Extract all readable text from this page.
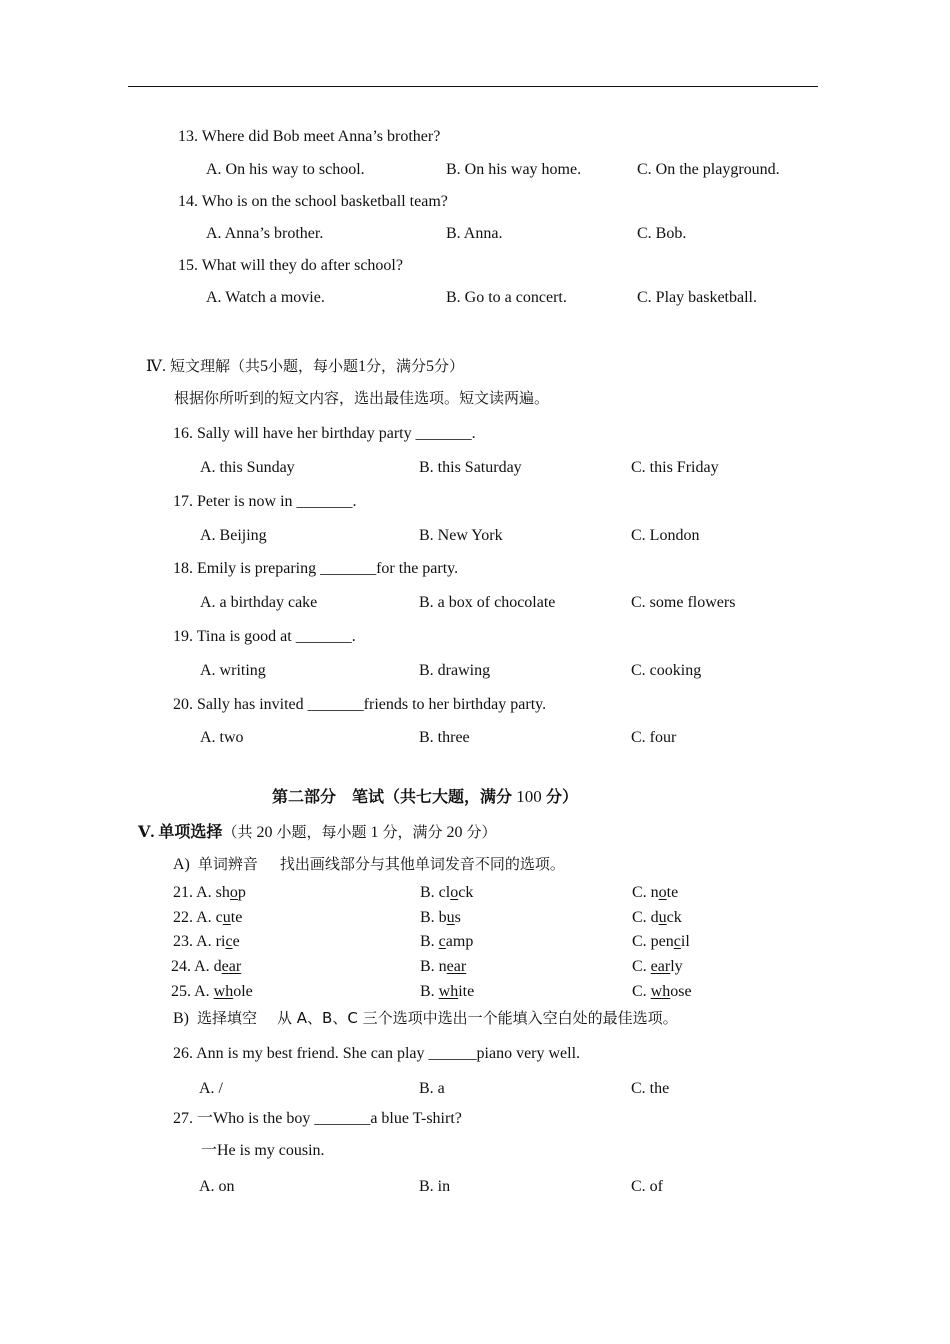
13. Where did Bob meet Anna’s brother?
A. On his way to school.	B. On his way home.	C. On the playground.
14. Who is on the school basketball team?
A. Anna’s brother.	B. Anna.	C. Bob.
15. What will they do after school?
A. Watch a movie.	B. Go to a concert.	C. Play basketball.
Ⅳ. 短文理解（共5小题，每小题1分，满分5分）
根据你所听到的短文内容，选出最佳选项。短文读两遍。
16. Sally will have her birthday party _______.
A. this Sunday	B. this Saturday	C. this Friday
17. Peter is now in _______.
A. Beijing	B. New York	C. London
18. Emily is preparing _______for the party.
A. a birthday cake	B. a box of chocolate	C. some flowers
19. Tina is good at _______.
A. writing	B. drawing	C. cooking
20. Sally has invited _______friends to her birthday party.
A. two	B. three	C. four
第二部分　笔试（共七大题，满分 100 分）
Ⅴ. 单项选择（共 20 小题，每小题 1 分，满分 20 分）
A) 单词辨音 找出画线部分与其他单词发音不同的选项。
21. A. shop	B. clock	C. note
22. A. cute	B. bus	C. duck
23. A. rice	B. camp	C. pencil
24. A. dear	B. near	C. early
25. A. whole	B. white	C. whose
B) 选择填空 从 A、B、C 三个选项中选出一个能填入空白处的最佳选项。
26. Ann is my best friend. She can play ______piano very well.
A. /	B. a	C. the
27. 一Who is the boy _______a blue T-shirt?
一He is my cousin.
A. on	B. in	C. of
